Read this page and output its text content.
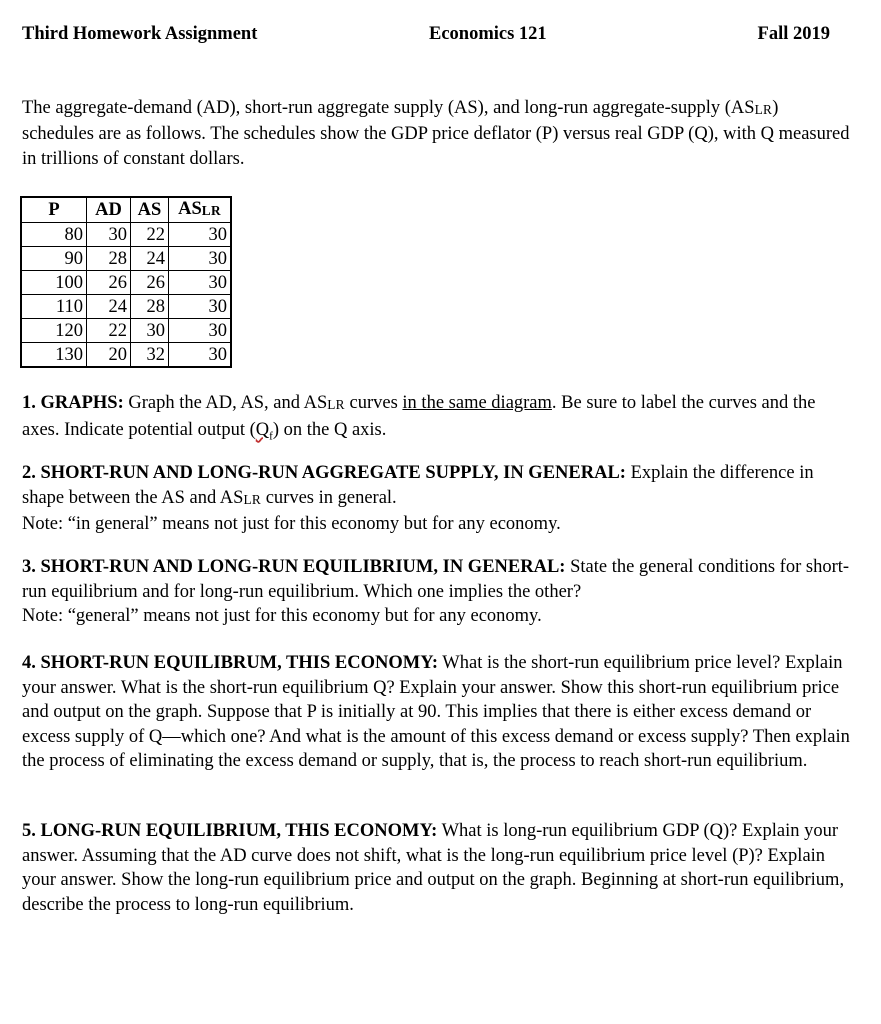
Third Homework Assignment	Economics 121	Fall 2019

The aggregate-demand (AD), short-run aggregate supply (AS), and long-run aggregate-supply (ASLR) schedules are as follows. The schedules show the GDP price deflator (P) versus real GDP (Q), with Q measured in trillions of constant dollars.

P	AD	AS	ASLR
80	30	22	30
90	28	24	30
100	26	26	30
110	24	28	30
120	22	30	30
130	20	32	30

1. GRAPHS: Graph the AD, AS, and ASLR curves in the same diagram. Be sure to label the curves and the axes. Indicate potential output $(Q_f)$ on the Q axis.

2. SHORT-RUN AND LONG-RUN AGGREGATE SUPPLY, IN GENERAL: Explain the difference in shape between the AS and ASLR curves in general.
Note: “in general” means not just for this economy but for any economy.
3. SHORT-RUN AND LONG-RUN EQUILIBRIUM, IN GENERAL: State the general conditions for short-run equilibrium and for long-run equilibrium. Which one implies the other?
Note: “general” means not just for this economy but for any economy.
4. SHORT-RUN EQUILIBRUM, THIS ECONOMY: What is the short-run equilibrium price level? Explain your answer. What is the short-run equilibrium Q? Explain your answer. Show this short-run equilibrium price and output on the graph. Suppose that P is initially at 90. This implies that there is either excess demand or excess supply of Q—which one? And what is the amount of this excess demand or excess supply? Then explain the process of eliminating the excess demand or supply, that is, the process to reach short-run equilibrium.
5. LONG-RUN EQUILIBRIUM, THIS ECONOMY: What is long-run equilibrium GDP (Q)? Explain your answer. Assuming that the AD curve does not shift, what is the long-run equilibrium price level (P)? Explain your answer. Show the long-run equilibrium price and output on the graph. Beginning at short-run equilibrium, describe the process to long-run equilibrium.
